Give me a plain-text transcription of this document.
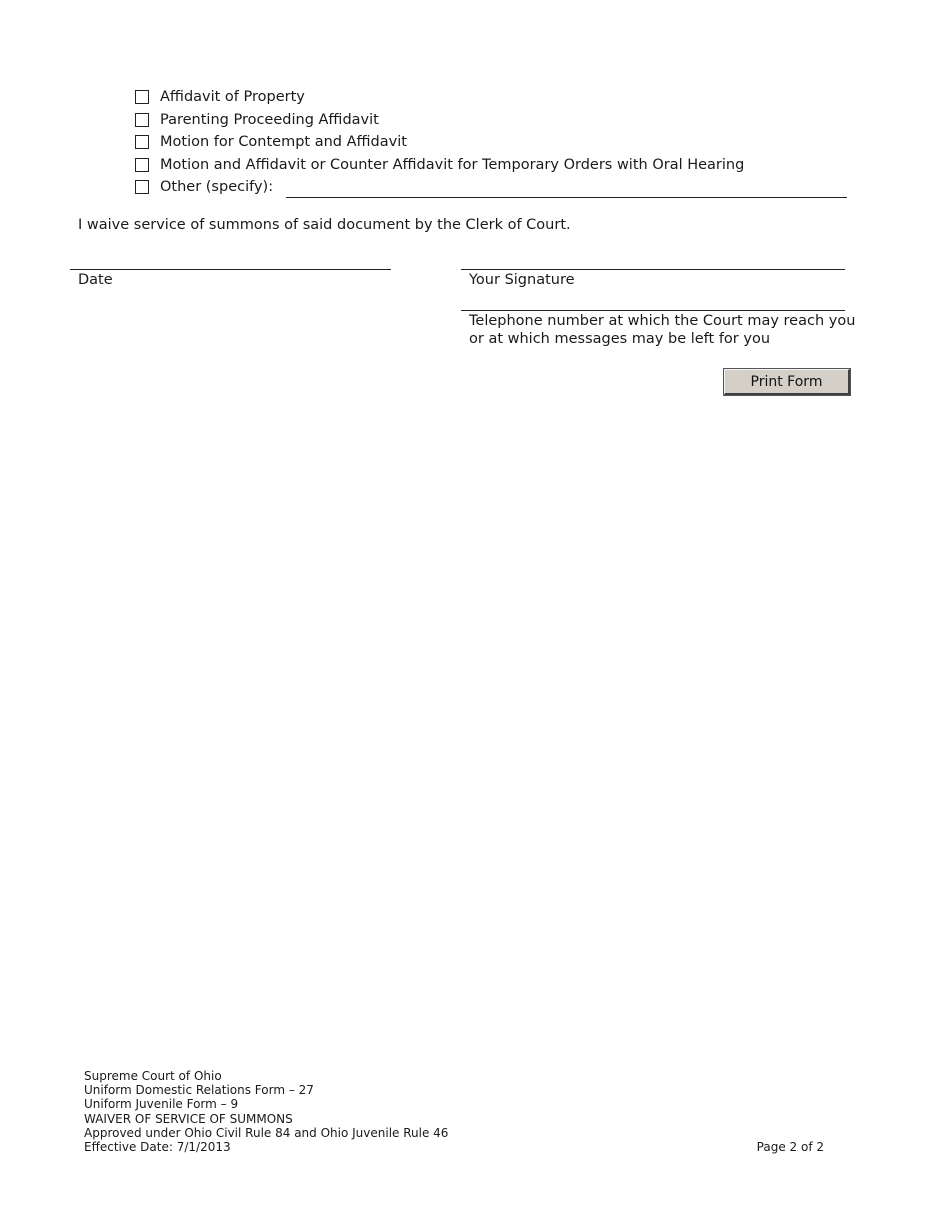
Affidavit of Property
Parenting Proceeding Affidavit
Motion for Contempt and Affidavit
Motion and Affidavit or Counter Affidavit for Temporary Orders with Oral Hearing
Other (specify):
I waive service of summons of said document by the Clerk of Court.
Date	Your Signature
Telephone number at which the Court may reach you
or at which messages may be left for you
Print Form
Supreme Court of Ohio
Uniform Domestic Relations Form – 27
Uniform Juvenile Form – 9
WAIVER OF SERVICE OF SUMMONS
Approved under Ohio Civil Rule 84 and Ohio Juvenile Rule 46
Effective Date: 7/1/2013	Page 2 of 2
